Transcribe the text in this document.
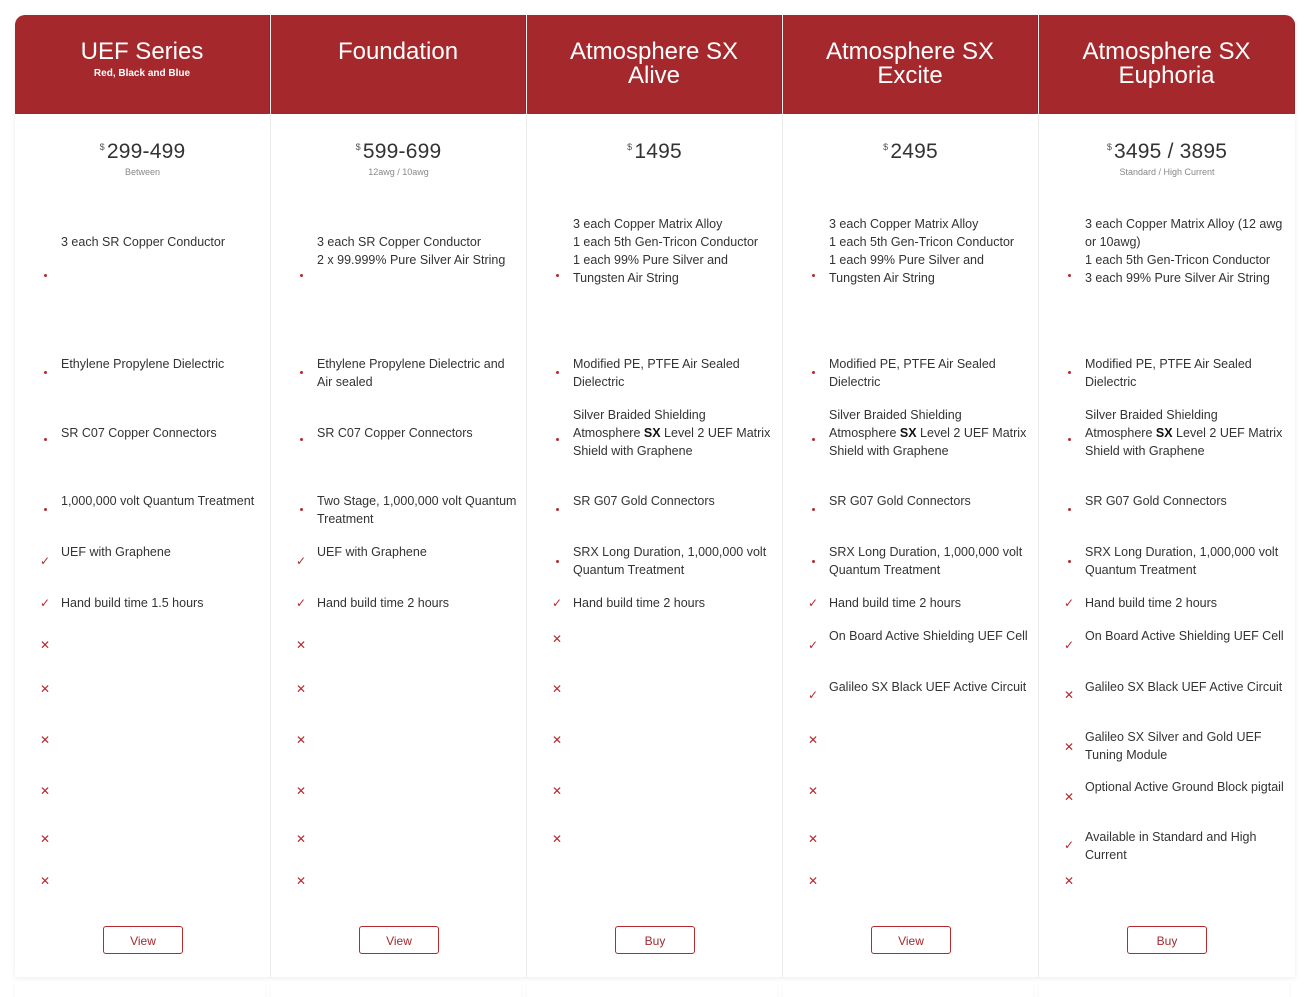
UEF Series
Red, Black and Blue
$299-499
Between
3 each SR Copper Conductor
Ethylene Propylene Dielectric
SR C07 Copper Connectors
1,000,000 volt Quantum Treatment
✓
UEF with Graphene
✓ Hand build time 1.5 hours
✕
✕
✕
✕
✕
✕
View
Foundation
$599-699
12awg / 10awg
3 each SR Copper Conductor
2 x 99.999% Pure Silver Air String
Ethylene Propylene Dielectric and Air sealed
SR C07 Copper Connectors
Two Stage, 1,000,000 volt Quantum Treatment
✓
UEF with Graphene
✓ Hand build time 2 hours
✕
✕
✕
✕
✕
✕
View
Atmosphere SX
Alive
$1495
3 each Copper Matrix Alloy
1 each 5th Gen-Tricon Conductor
1 each 99% Pure Silver and Tungsten Air String
Modified PE, PTFE Air Sealed Dielectric
Silver Braided Shielding
Atmosphere SX Level 2 UEF Matrix Shield with Graphene
SR G07 Gold Connectors
SRX Long Duration, 1,000,000 volt Quantum Treatment
✓ Hand build time 2 hours
✕
✕
✕
✕
✕
Buy
Atmosphere SX
Excite
$2495
3 each Copper Matrix Alloy
1 each 5th Gen-Tricon Conductor
1 each 99% Pure Silver and Tungsten Air String
Modified PE, PTFE Air Sealed Dielectric
Silver Braided Shielding
Atmosphere SX Level 2 UEF Matrix Shield with Graphene
SR G07 Gold Connectors
SRX Long Duration, 1,000,000 volt Quantum Treatment
✓ Hand build time 2 hours
✓
On Board Active Shielding UEF Cell
✓
Galileo SX Black UEF Active Circuit
✕
✕
✕
✕
View
Atmosphere SX
Euphoria
$3495 / 3895
Standard / High Current
3 each Copper Matrix Alloy (12 awg or 10awg)
1 each 5th Gen-Tricon Conductor
3 each 99% Pure Silver Air String
Modified PE, PTFE Air Sealed Dielectric
Silver Braided Shielding
Atmosphere SX Level 2 UEF Matrix Shield with Graphene
SR G07 Gold Connectors
SRX Long Duration, 1,000,000 volt Quantum Treatment
✓ Hand build time 2 hours
✓
On Board Active Shielding UEF Cell
✕
Galileo SX Black UEF Active Circuit
✕
Galileo SX Silver and Gold UEF Tuning Module
✕
Optional Active Ground Block pigtail
✓
Available in Standard and High Current
✕
Buy
